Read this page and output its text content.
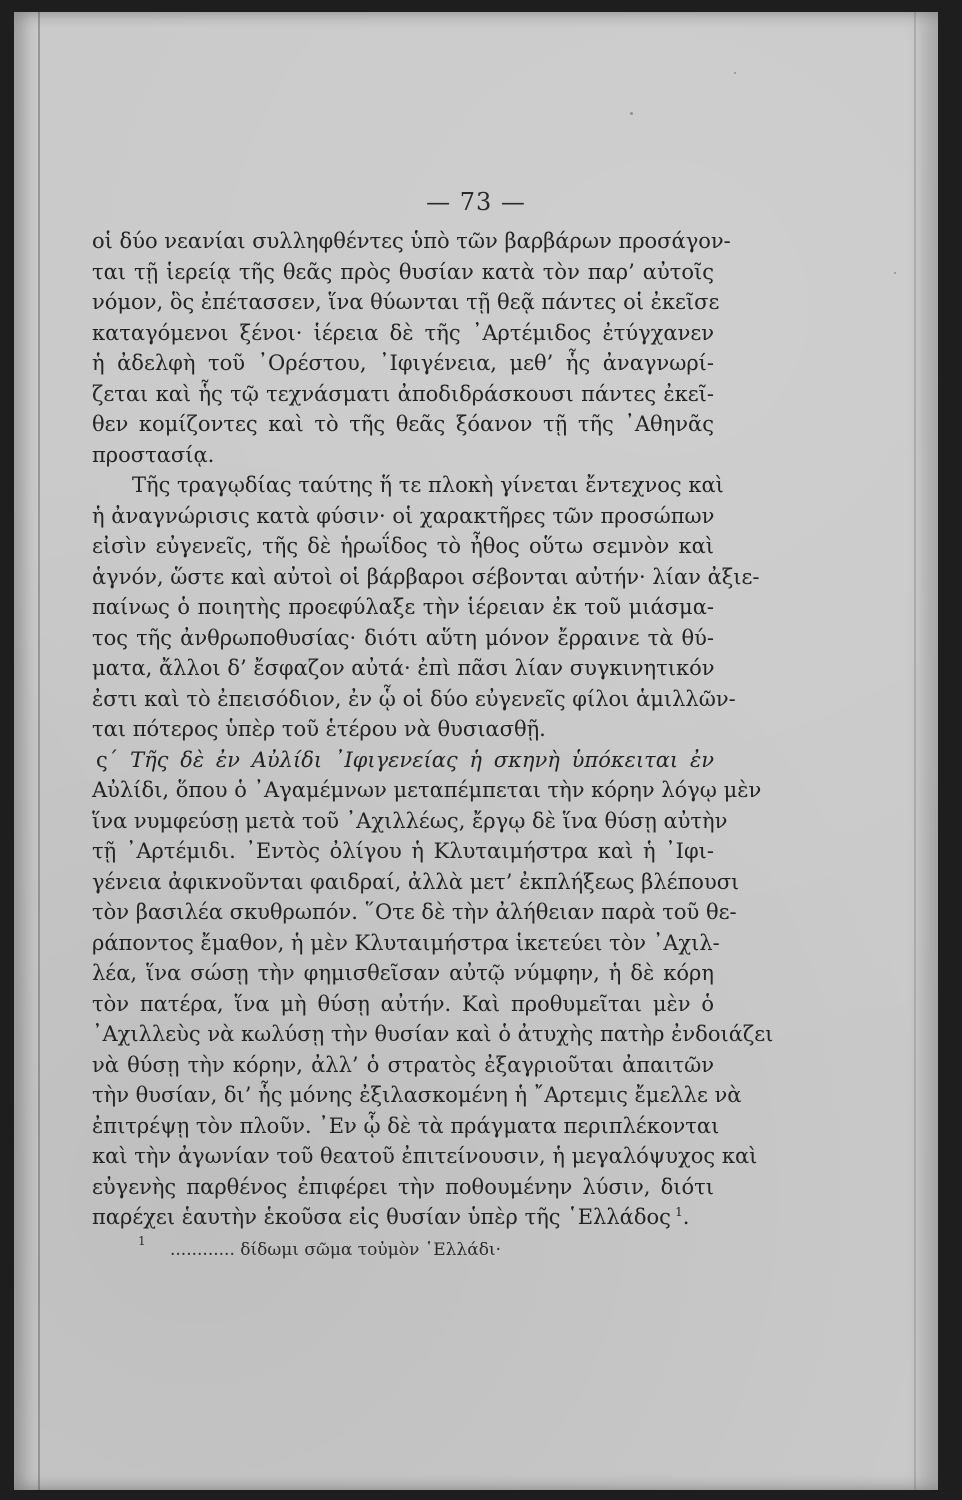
— 73 —
οἱ δύο νεανίαι συλληφθέντες ὑπὸ τῶν βαρβάρων προσάγον-
ται τῇ ἱερείᾳ τῆς θεᾶς πρὸς θυσίαν κατὰ τὸν παρ’ αὐτοῖς
νόμον, ὃς ἐπέτασσεν, ἵνα θύωνται τῇ θεᾷ πάντες οἱ ἐκεῖσε
καταγόμενοι ξένοι· ἱέρεια δὲ τῆς ᾿Αρτέμιδος ἐτύγχανεν
ἡ ἀδελφὴ τοῦ ᾿Ορέστου, ᾿Ιφιγένεια, μεθ’ ἧς ἀναγνωρί-
ζεται καὶ ἧς τῷ τεχνάσματι ἀποδιδράσκουσι πάντες ἐκεῖ-
θεν κομίζοντες καὶ τὸ τῆς θεᾶς ξόανον τῇ τῆς ᾿Αθηνᾶς
προστασίᾳ.
Τῆς τραγῳδίας ταύτης ἥ τε πλοκὴ γίνεται ἔντεχνος καὶ
ἡ ἀναγνώρισις κατὰ φύσιν· οἱ χαρακτῆρες τῶν προσώπων
εἰσὶν εὐγενεῖς, τῆς δὲ ἡρωΐδος τὸ ἦθος οὕτω σεμνὸν καὶ
ἁγνόν, ὥστε καὶ αὐτοὶ οἱ βάρβαροι σέβονται αὐτήν· λίαν ἀξιε-
παίνως ὁ ποιητὴς προεφύλαξε τὴν ἱέρειαν ἐκ τοῦ μιάσμα-
τος τῆς ἀνθρωποθυσίας· διότι αὕτη μόνον ἔρραινε τὰ θύ-
ματα, ἄλλοι δ’ ἔσφαζον αὐτά· ἐπὶ πᾶσι λίαν συγκινητικόν
ἐστι καὶ τὸ ἐπεισόδιον, ἐν ᾧ οἱ δύο εὐγενεῖς φίλοι ἁμιλλῶν-
ται πότερος ὑπὲρ τοῦ ἑτέρου νὰ θυσιασθῇ.
ς΄ Τῆς δὲ ἐν Αὐλίδι ᾿Ιφιγενείας ἡ σκηνὴ ὑπόκειται ἐν
Αὐλίδι, ὅπου ὁ ᾿Αγαμέμνων μεταπέμπεται τὴν κόρην λόγῳ μὲν
ἵνα νυμφεύσῃ μετὰ τοῦ ᾿Αχιλλέως, ἔργῳ δὲ ἵνα θύσῃ αὐτὴν
τῇ ᾿Αρτέμιδι. ᾿Εντὸς ὀλίγου ἡ Κλυταιμήστρα καὶ ἡ ᾿Ιφι-
γένεια ἀφικνοῦνται φαιδραί, ἀλλὰ μετ’ ἐκπλήξεως βλέπουσι
τὸν βασιλέα σκυθρωπόν. ῞Οτε δὲ τὴν ἀλήθειαν παρὰ τοῦ θε-
ράποντος ἔμαθον, ἡ μὲν Κλυταιμήστρα ἱκετεύει τὸν ᾿Αχιλ-
λέα, ἵνα σώσῃ τὴν φημισθεῖσαν αὐτῷ νύμφην, ἡ δὲ κόρη
τὸν πατέρα, ἵνα μὴ θύσῃ αὐτήν. Καὶ προθυμεῖται μὲν ὁ
᾿Αχιλλεὺς νὰ κωλύσῃ τὴν θυσίαν καὶ ὁ ἀτυχὴς πατὴρ ἐνδοιάζει
νὰ θύσῃ τὴν κόρην, ἀλλ’ ὁ στρατὸς ἐξαγριοῦται ἀπαιτῶν
τὴν θυσίαν, δι’ ἧς μόνης ἐξιλασκομένη ἡ ῎Αρτεμις ἔμελλε νὰ
ἐπιτρέψῃ τὸν πλοῦν. ᾿Εν ᾧ δὲ τὰ πράγματα περιπλέκονται
καὶ τὴν ἀγωνίαν τοῦ θεατοῦ ἐπιτείνουσιν, ἡ μεγαλόψυχος καὶ
εὐγενὴς παρθένος ἐπιφέρει τὴν ποθουμένην λύσιν, διότι
παρέχει ἑαυτὴν ἑκοῦσα εἰς θυσίαν ὑπὲρ τῆς ῾Ελλάδος  $^1$.
1 ............ δίδωμι σῶμα τοὐμὸν ῾Ελλάδι·
